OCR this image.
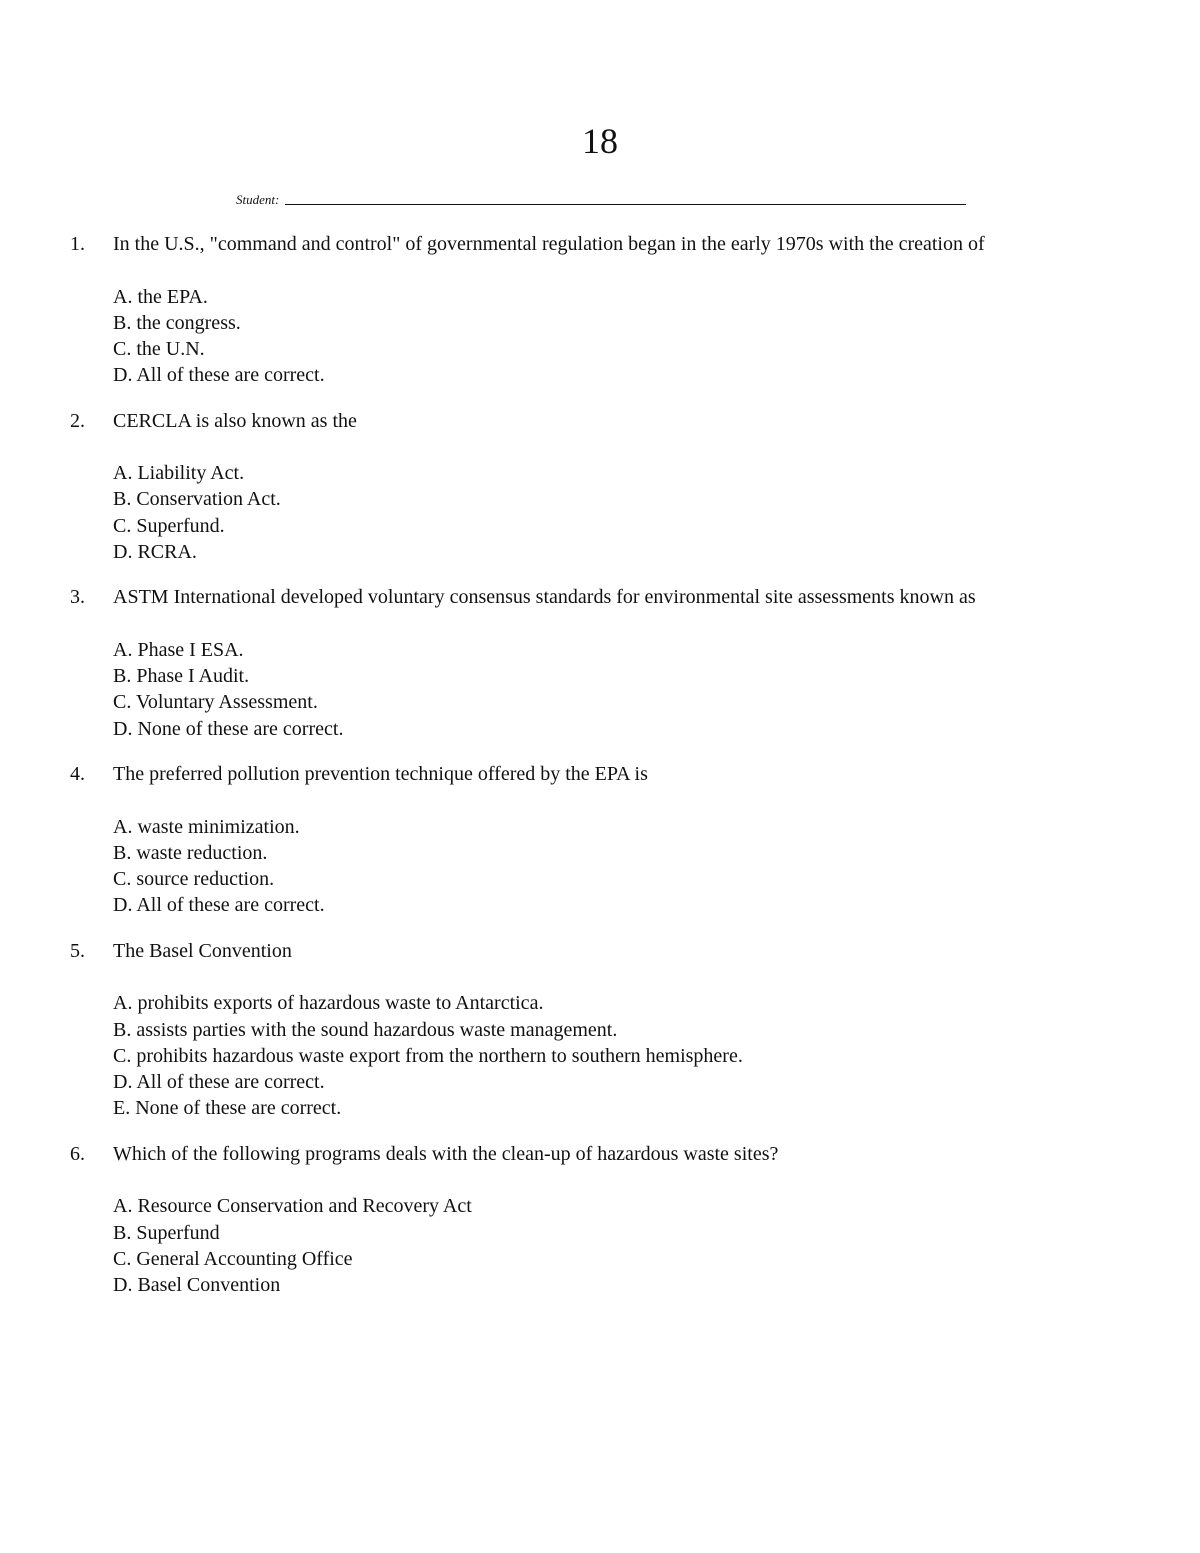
18
Student:
1. In the U.S., "command and control" of governmental regulation began in the early 1970s with the creation of
A. the EPA.
B. the congress.
C. the U.N.
D. All of these are correct.
2. CERCLA is also known as the
A. Liability Act.
B. Conservation Act.
C. Superfund.
D. RCRA.
3. ASTM International developed voluntary consensus standards for environmental site assessments known as
A. Phase I ESA.
B. Phase I Audit.
C. Voluntary Assessment.
D. None of these are correct.
4. The preferred pollution prevention technique offered by the EPA is
A. waste minimization.
B. waste reduction.
C. source reduction.
D. All of these are correct.
5. The Basel Convention
A. prohibits exports of hazardous waste to Antarctica.
B. assists parties with the sound hazardous waste management.
C. prohibits hazardous waste export from the northern to southern hemisphere.
D. All of these are correct.
E. None of these are correct.
6. Which of the following programs deals with the clean-up of hazardous waste sites?
A. Resource Conservation and Recovery Act
B. Superfund
C. General Accounting Office
D. Basel Convention
